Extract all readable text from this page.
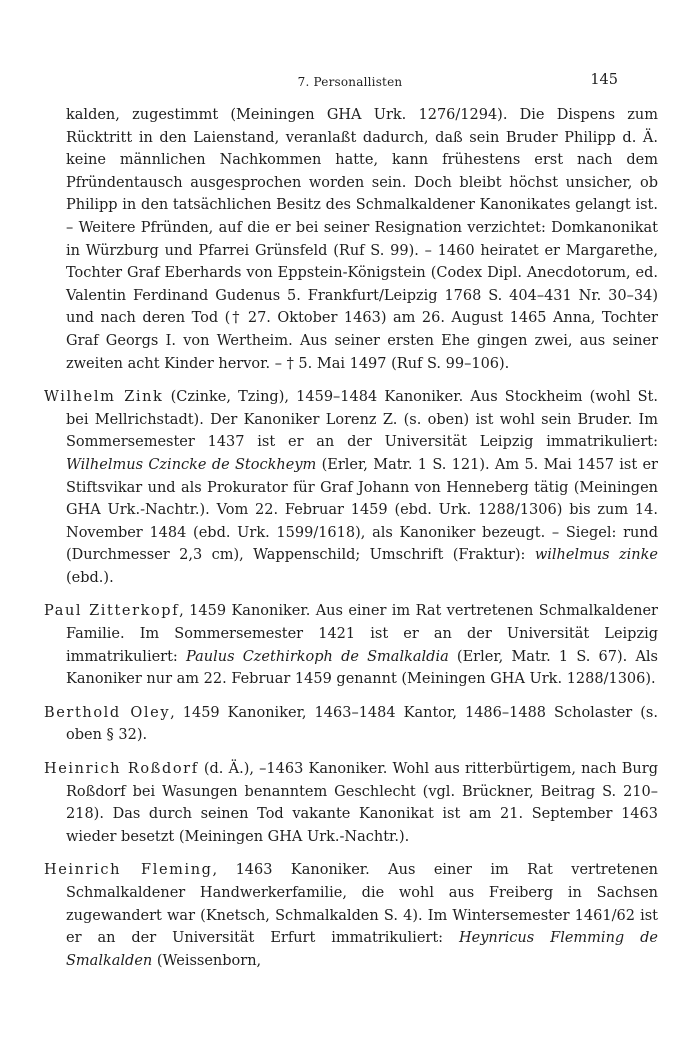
7. Personallisten	145

kalden, zugestimmt (Meiningen GHA Urk. 1276/1294). Die Dispens zum Rücktritt in den Laienstand, veranlaßt dadurch, daß sein Bruder Philipp d. Ä. keine männlichen Nachkommen hatte, kann frühestens erst nach dem Pfründentausch ausgesprochen worden sein. Doch bleibt höchst unsicher, ob Philipp in den tatsächlichen Besitz des Schmalkaldener Kanonikates gelangt ist. – Weitere Pfründen, auf die er bei seiner Resignation verzichtet: Domkanonikat in Würzburg und Pfarrei Grünsfeld (Ruf S. 99). – 1460 heiratet er Margarethe, Tochter Graf Eberhards von Eppstein-Königstein (Codex Dipl. Anecdotorum, ed. Valentin Ferdinand Gudenus 5. Frankfurt/Leipzig 1768 S. 404–431 Nr. 30–34) und nach deren Tod († 27. Oktober 1463) am 26. August 1465 Anna, Tochter Graf Georgs I. von Wertheim. Aus seiner ersten Ehe gingen zwei, aus seiner zweiten acht Kinder hervor. – † 5. Mai 1497 (Ruf S. 99–106).

Wilhelm Zink (Czinke, Tzing), 1459–1484 Kanoniker. Aus Stockheim (wohl St. bei Mellrichstadt). Der Kanoniker Lorenz Z. (s. oben) ist wohl sein Bruder. Im Sommersemester 1437 ist er an der Universität Leipzig immatrikuliert: Wilhelmus Czincke de Stockheym (Erler, Matr. 1 S. 121). Am 5. Mai 1457 ist er Stiftsvikar und als Prokurator für Graf Johann von Henneberg tätig (Meiningen GHA Urk.-Nachtr.). Vom 22. Februar 1459 (ebd. Urk. 1288/1306) bis zum 14. November 1484 (ebd. Urk. 1599/1618), als Kanoniker bezeugt. – Siegel: rund (Durchmesser 2,3 cm), Wappenschild; Umschrift (Fraktur): wilhelmus zinke (ebd.).

Paul Zitterkopf, 1459 Kanoniker. Aus einer im Rat vertretenen Schmalkaldener Familie. Im Sommersemester 1421 ist er an der Universität Leipzig immatrikuliert: Paulus Czethirkoph de Smalkaldia (Erler, Matr. 1 S. 67). Als Kanoniker nur am 22. Februar 1459 genannt (Meiningen GHA Urk. 1288/1306).

Berthold Oley, 1459 Kanoniker, 1463–1484 Kantor, 1486–1488 Scholaster (s. oben § 32).

Heinrich Roßdorf (d. Ä.), –1463 Kanoniker. Wohl aus ritterbürtigem, nach Burg Roßdorf bei Wasungen benanntem Geschlecht (vgl. Brückner, Beitrag S. 210–218). Das durch seinen Tod vakante Kanonikat ist am 21. September 1463 wieder besetzt (Meiningen GHA Urk.-Nachtr.).

Heinrich Fleming, 1463 Kanoniker. Aus einer im Rat vertretenen Schmalkaldener Handwerkerfamilie, die wohl aus Freiberg in Sachsen zugewandert war (Knetsch, Schmalkalden S. 4). Im Wintersemester 1461/62 ist er an der Universität Erfurt immatrikuliert: Heynricus Flemming de Smalkalden (Weissenborn,
